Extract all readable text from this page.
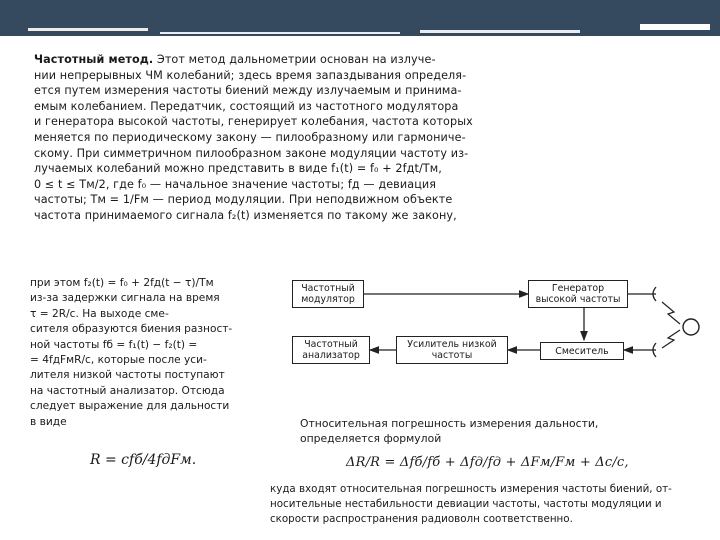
Частотный метод. Этот метод дальнометрии основан на излуче-
нии непрерывных ЧМ колебаний; здесь время запаздывания определя-
ется путем измерения частоты биений между излучаемым и принима-
емым колебанием. Передатчик, состоящий из частотного модулятора
и генератора высокой частоты, генерирует колебания, частота которых
меняется по периодическому закону — пилообразному или гармониче-
скому. При симметричном пилообразном законе модуляции частоту из-
лучаемых колебаний можно представить в виде f₁(t) = f₀ + 2fдt/Tм,
0 ≤ t ≤ Tм/2, где f₀ — начальное значение частоты; fд — девиация
частоты; Tм = 1/Fм — период модуляции. При неподвижном объекте
частота принимаемого сигнала f₂(t) изменяется по такому же закону,
при этом f₂(t) = f₀ + 2fд(t − τ)/Tм
из-за задержки сигнала на время
τ = 2R/c. На выходе сме-
сителя образуются биения разност-
ной частоты fб = f₁(t) − f₂(t) =
= 4fдFмR/c, которые после уси-
лителя низкой частоты поступают
на частотный анализатор. Отсюда
следует выражение для дальности
в виде
R = cfб/4fдFм.
Частотный модулятор
Генератор высокой частоты
Частотный анализатор
Усилитель низкой частоты	Смеситель
Относительная погрешность измерения дальности,
определяется формулой
ΔR/R = Δfб/fб + Δfд/fд + ΔFм/Fм + Δc/c,
куда входят относительная погрешность измерения частоты биений, от-
носительные нестабильности девиации частоты, частоты модуляции и
скорости распространения радиоволн соответственно.
